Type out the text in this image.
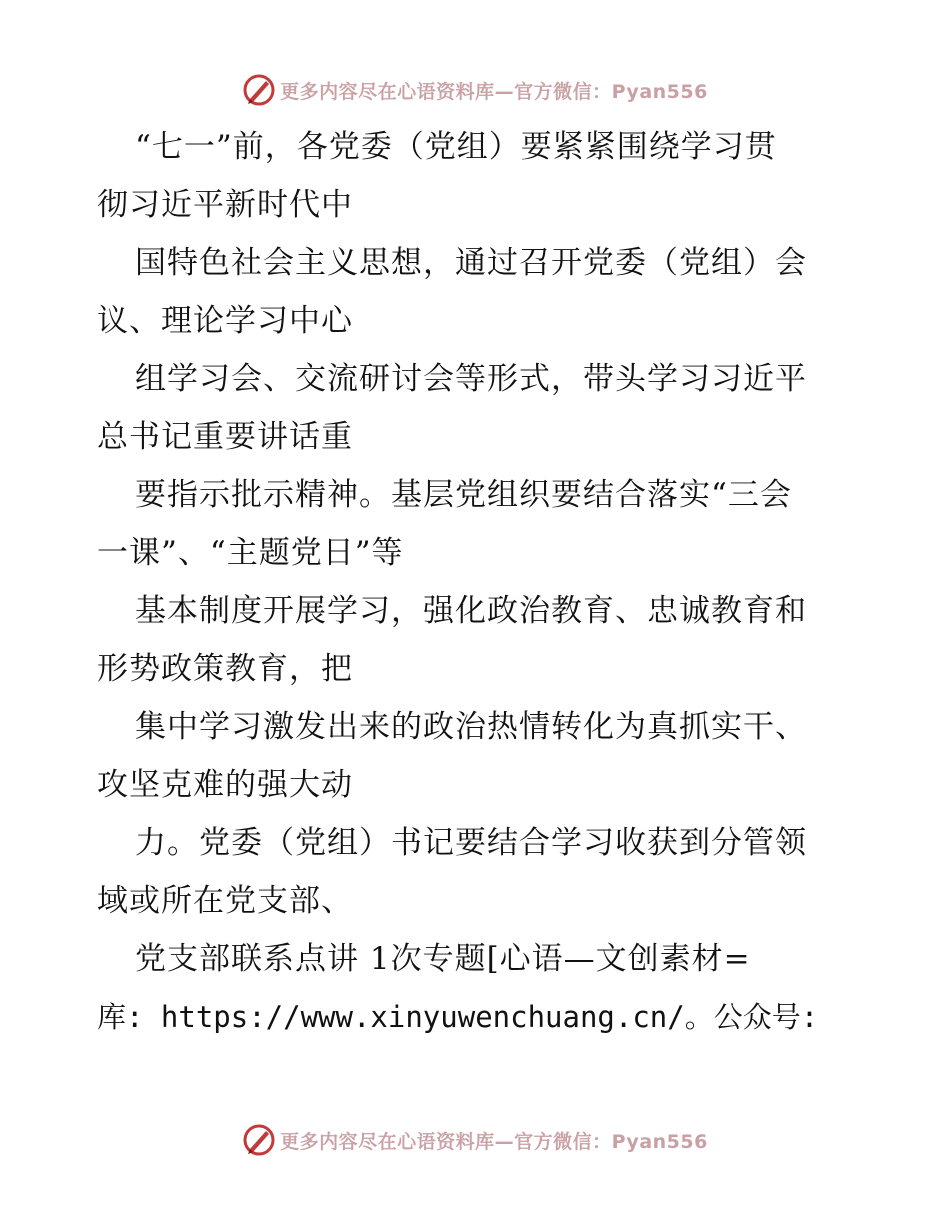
更多内容尽在心语资料库—官方微信：Pyan556
“七一”前，各党委（党组）要紧紧围绕学习贯
彻习近平新时代中
国特色社会主义思想，通过召开党委（党组）会
议、理论学习中心
组学习会、交流研讨会等形式，带头学习习近平
总书记重要讲话重
要指示批示精神。基层党组织要结合落实“三会
一课”、“主题党日”等
基本制度开展学习，强化政治教育、忠诚教育和
形势政策教育，把
集中学习激发出来的政治热情转化为真抓实干、
攻坚克难的强大动
力。党委（党组）书记要结合学习收获到分管领
域或所在党支部、
党支部联系点讲 1次专题[心语—文创素材=
库: https://www.xinyuwenchuang.cn/。公众号:
更多内容尽在心语资料库—官方微信：Pyan556
